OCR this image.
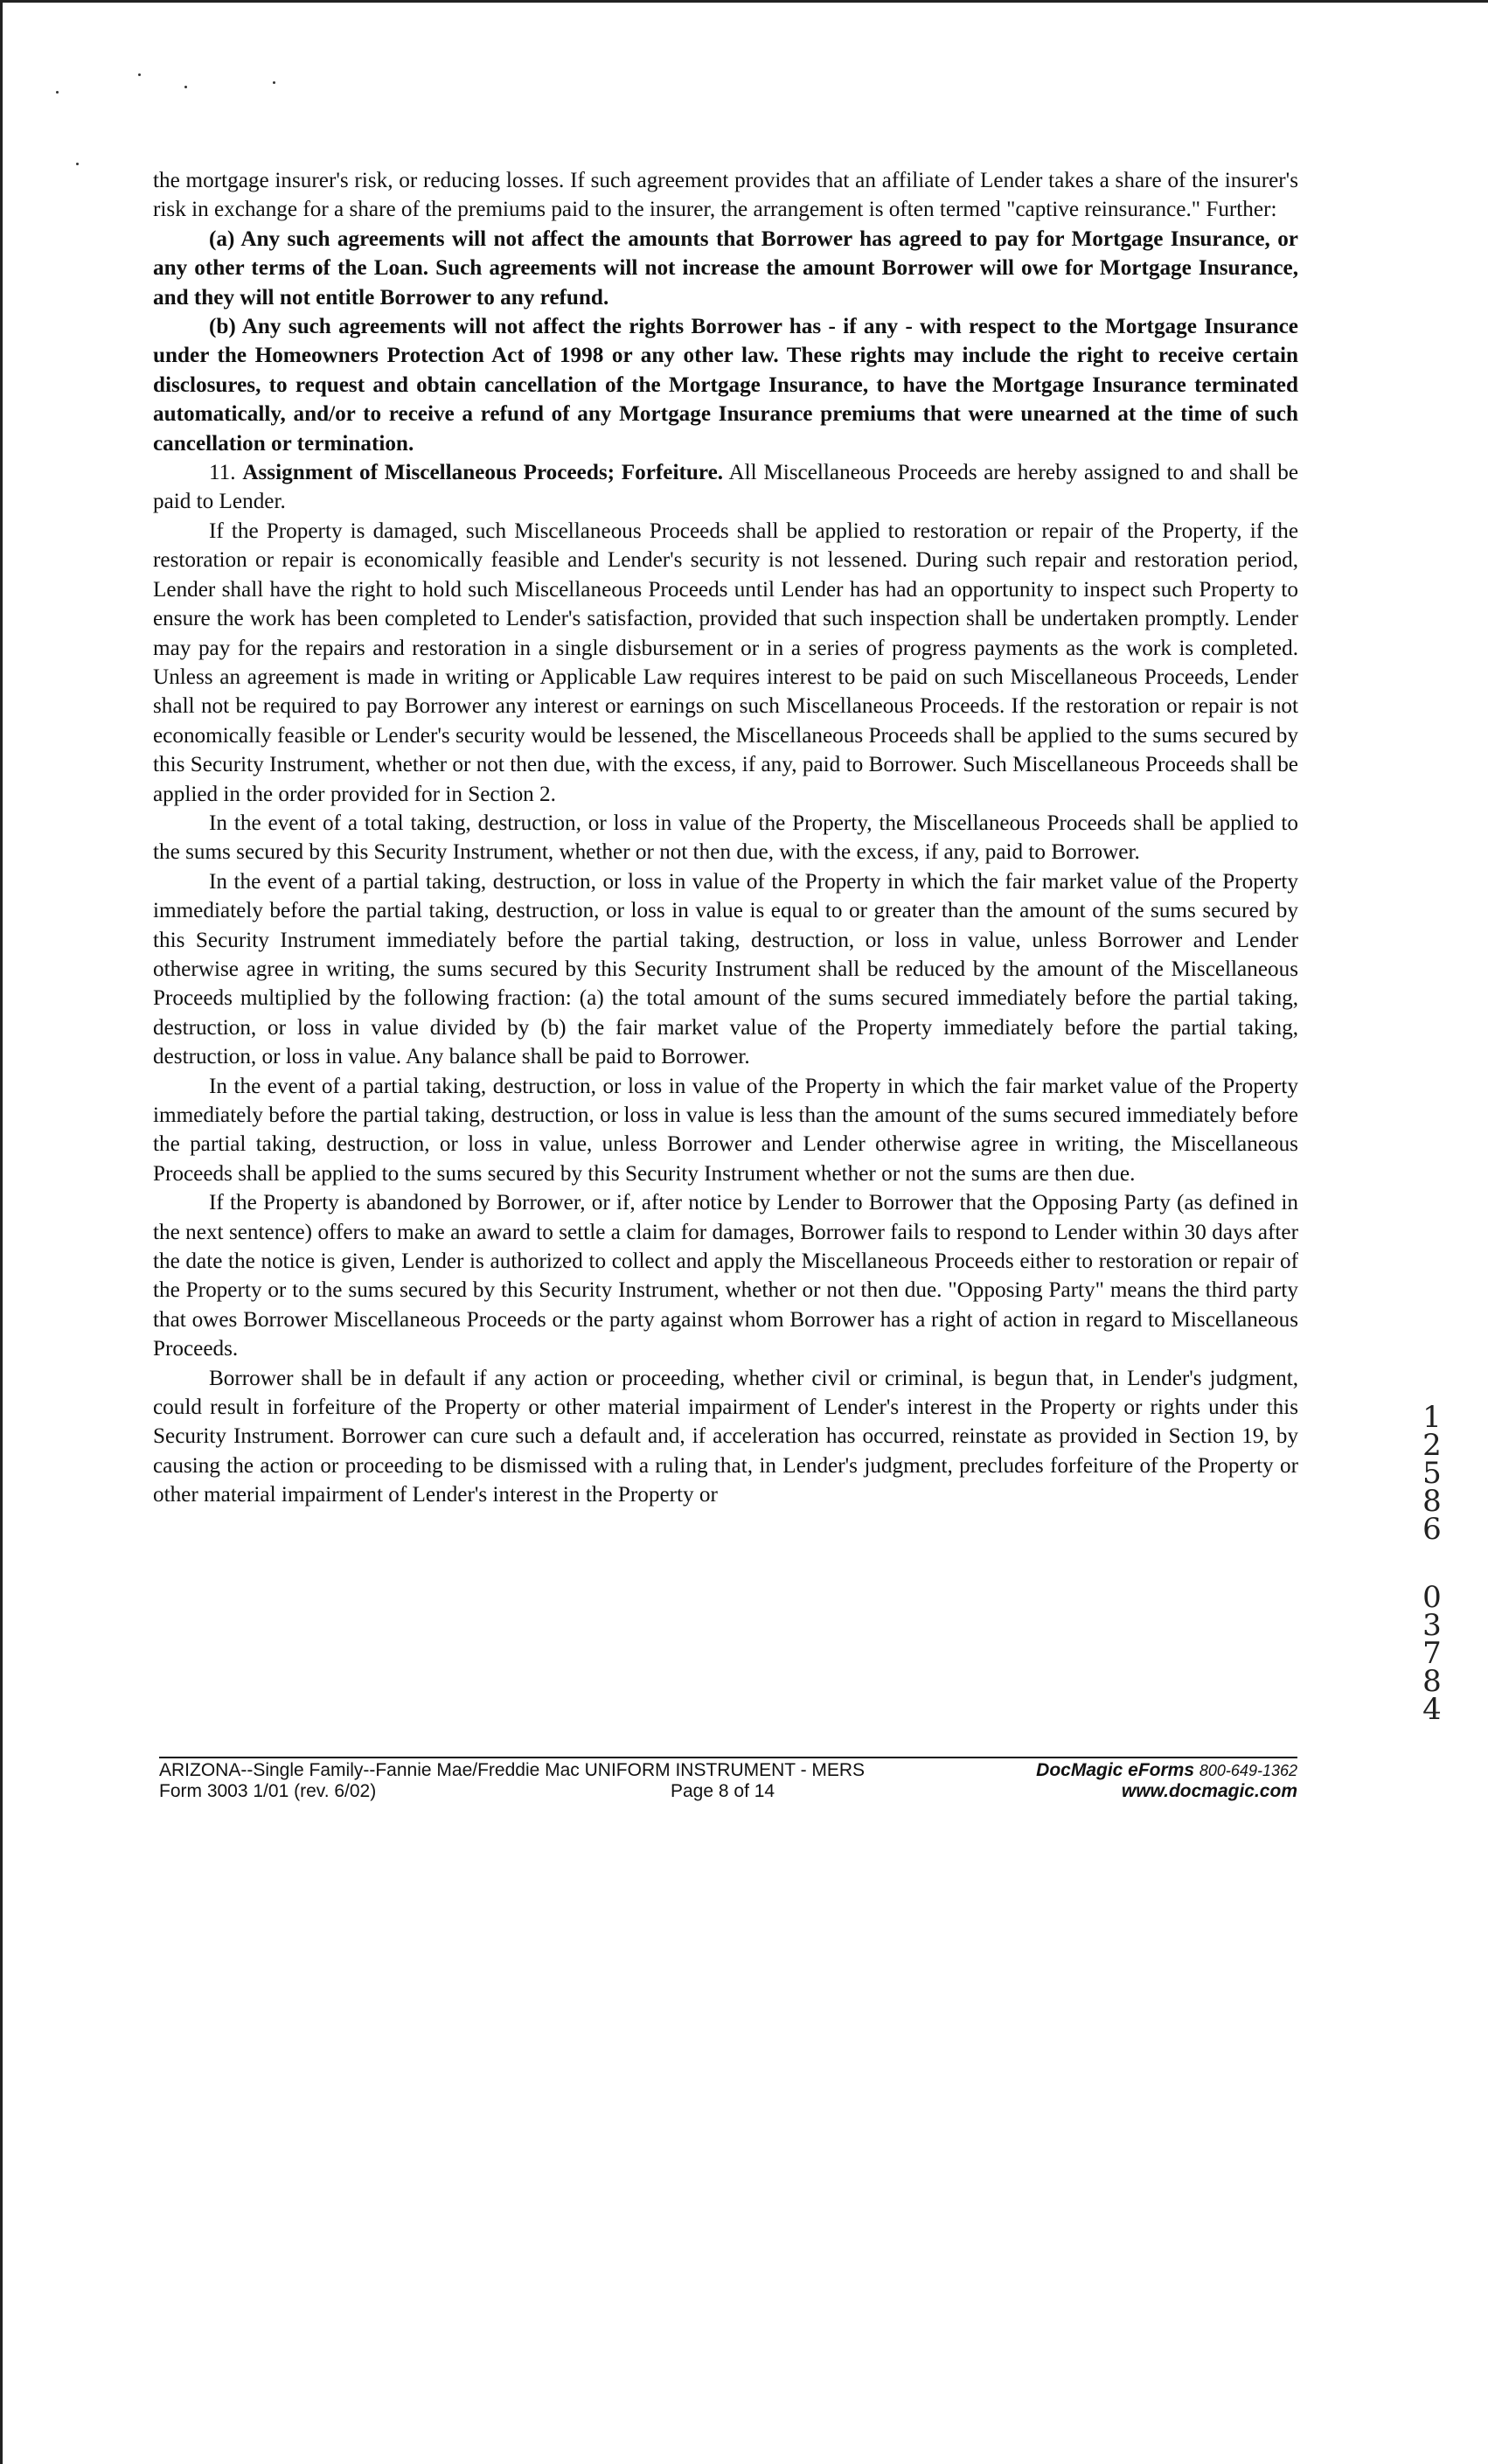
the mortgage insurer's risk, or reducing losses. If such agreement provides that an affiliate of Lender takes a share of the insurer's risk in exchange for a share of the premiums paid to the insurer, the arrangement is often termed "captive reinsurance." Further:

(a) Any such agreements will not affect the amounts that Borrower has agreed to pay for Mortgage Insurance, or any other terms of the Loan. Such agreements will not increase the amount Borrower will owe for Mortgage Insurance, and they will not entitle Borrower to any refund.

(b) Any such agreements will not affect the rights Borrower has - if any - with respect to the Mortgage Insurance under the Homeowners Protection Act of 1998 or any other law. These rights may include the right to receive certain disclosures, to request and obtain cancellation of the Mortgage Insurance, to have the Mortgage Insurance terminated automatically, and/or to receive a refund of any Mortgage Insurance premiums that were unearned at the time of such cancellation or termination.

11. Assignment of Miscellaneous Proceeds; Forfeiture. All Miscellaneous Proceeds are hereby assigned to and shall be paid to Lender.

If the Property is damaged, such Miscellaneous Proceeds shall be applied to restoration or repair of the Property, if the restoration or repair is economically feasible and Lender's security is not lessened. During such repair and restoration period, Lender shall have the right to hold such Miscellaneous Proceeds until Lender has had an opportunity to inspect such Property to ensure the work has been completed to Lender's satisfaction, provided that such inspection shall be undertaken promptly. Lender may pay for the repairs and restoration in a single disbursement or in a series of progress payments as the work is completed. Unless an agreement is made in writing or Applicable Law requires interest to be paid on such Miscellaneous Proceeds, Lender shall not be required to pay Borrower any interest or earnings on such Miscellaneous Proceeds. If the restoration or repair is not economically feasible or Lender's security would be lessened, the Miscellaneous Proceeds shall be applied to the sums secured by this Security Instrument, whether or not then due, with the excess, if any, paid to Borrower. Such Miscellaneous Proceeds shall be applied in the order provided for in Section 2.

In the event of a total taking, destruction, or loss in value of the Property, the Miscellaneous Proceeds shall be applied to the sums secured by this Security Instrument, whether or not then due, with the excess, if any, paid to Borrower.

In the event of a partial taking, destruction, or loss in value of the Property in which the fair market value of the Property immediately before the partial taking, destruction, or loss in value is equal to or greater than the amount of the sums secured by this Security Instrument immediately before the partial taking, destruction, or loss in value, unless Borrower and Lender otherwise agree in writing, the sums secured by this Security Instrument shall be reduced by the amount of the Miscellaneous Proceeds multiplied by the following fraction: (a) the total amount of the sums secured immediately before the partial taking, destruction, or loss in value divided by (b) the fair market value of the Property immediately before the partial taking, destruction, or loss in value. Any balance shall be paid to Borrower.

In the event of a partial taking, destruction, or loss in value of the Property in which the fair market value of the Property immediately before the partial taking, destruction, or loss in value is less than the amount of the sums secured immediately before the partial taking, destruction, or loss in value, unless Borrower and Lender otherwise agree in writing, the Miscellaneous Proceeds shall be applied to the sums secured by this Security Instrument whether or not the sums are then due.

If the Property is abandoned by Borrower, or if, after notice by Lender to Borrower that the Opposing Party (as defined in the next sentence) offers to make an award to settle a claim for damages, Borrower fails to respond to Lender within 30 days after the date the notice is given, Lender is authorized to collect and apply the Miscellaneous Proceeds either to restoration or repair of the Property or to the sums secured by this Security Instrument, whether or not then due. "Opposing Party" means the third party that owes Borrower Miscellaneous Proceeds or the party against whom Borrower has a right of action in regard to Miscellaneous Proceeds.

Borrower shall be in default if any action or proceeding, whether civil or criminal, is begun that, in Lender's judgment, could result in forfeiture of the Property or other material impairment of Lender's interest in the Property or rights under this Security Instrument. Borrower can cure such a default and, if acceleration has occurred, reinstate as provided in Section 19, by causing the action or proceeding to be dismissed with a ruling that, in Lender's judgment, precludes forfeiture of the Property or other material impairment of Lender's interest in the Property or

1
2
5
8
6
0
3
7
8
4
ARIZONA--Single Family--Fannie Mae/Freddie Mac UNIFORM INSTRUMENT - MERS
Form 3003 1/01 (rev. 6/02)	Page 8 of 14
DocMagic eForms 800-649-1362
www.docmagic.com
